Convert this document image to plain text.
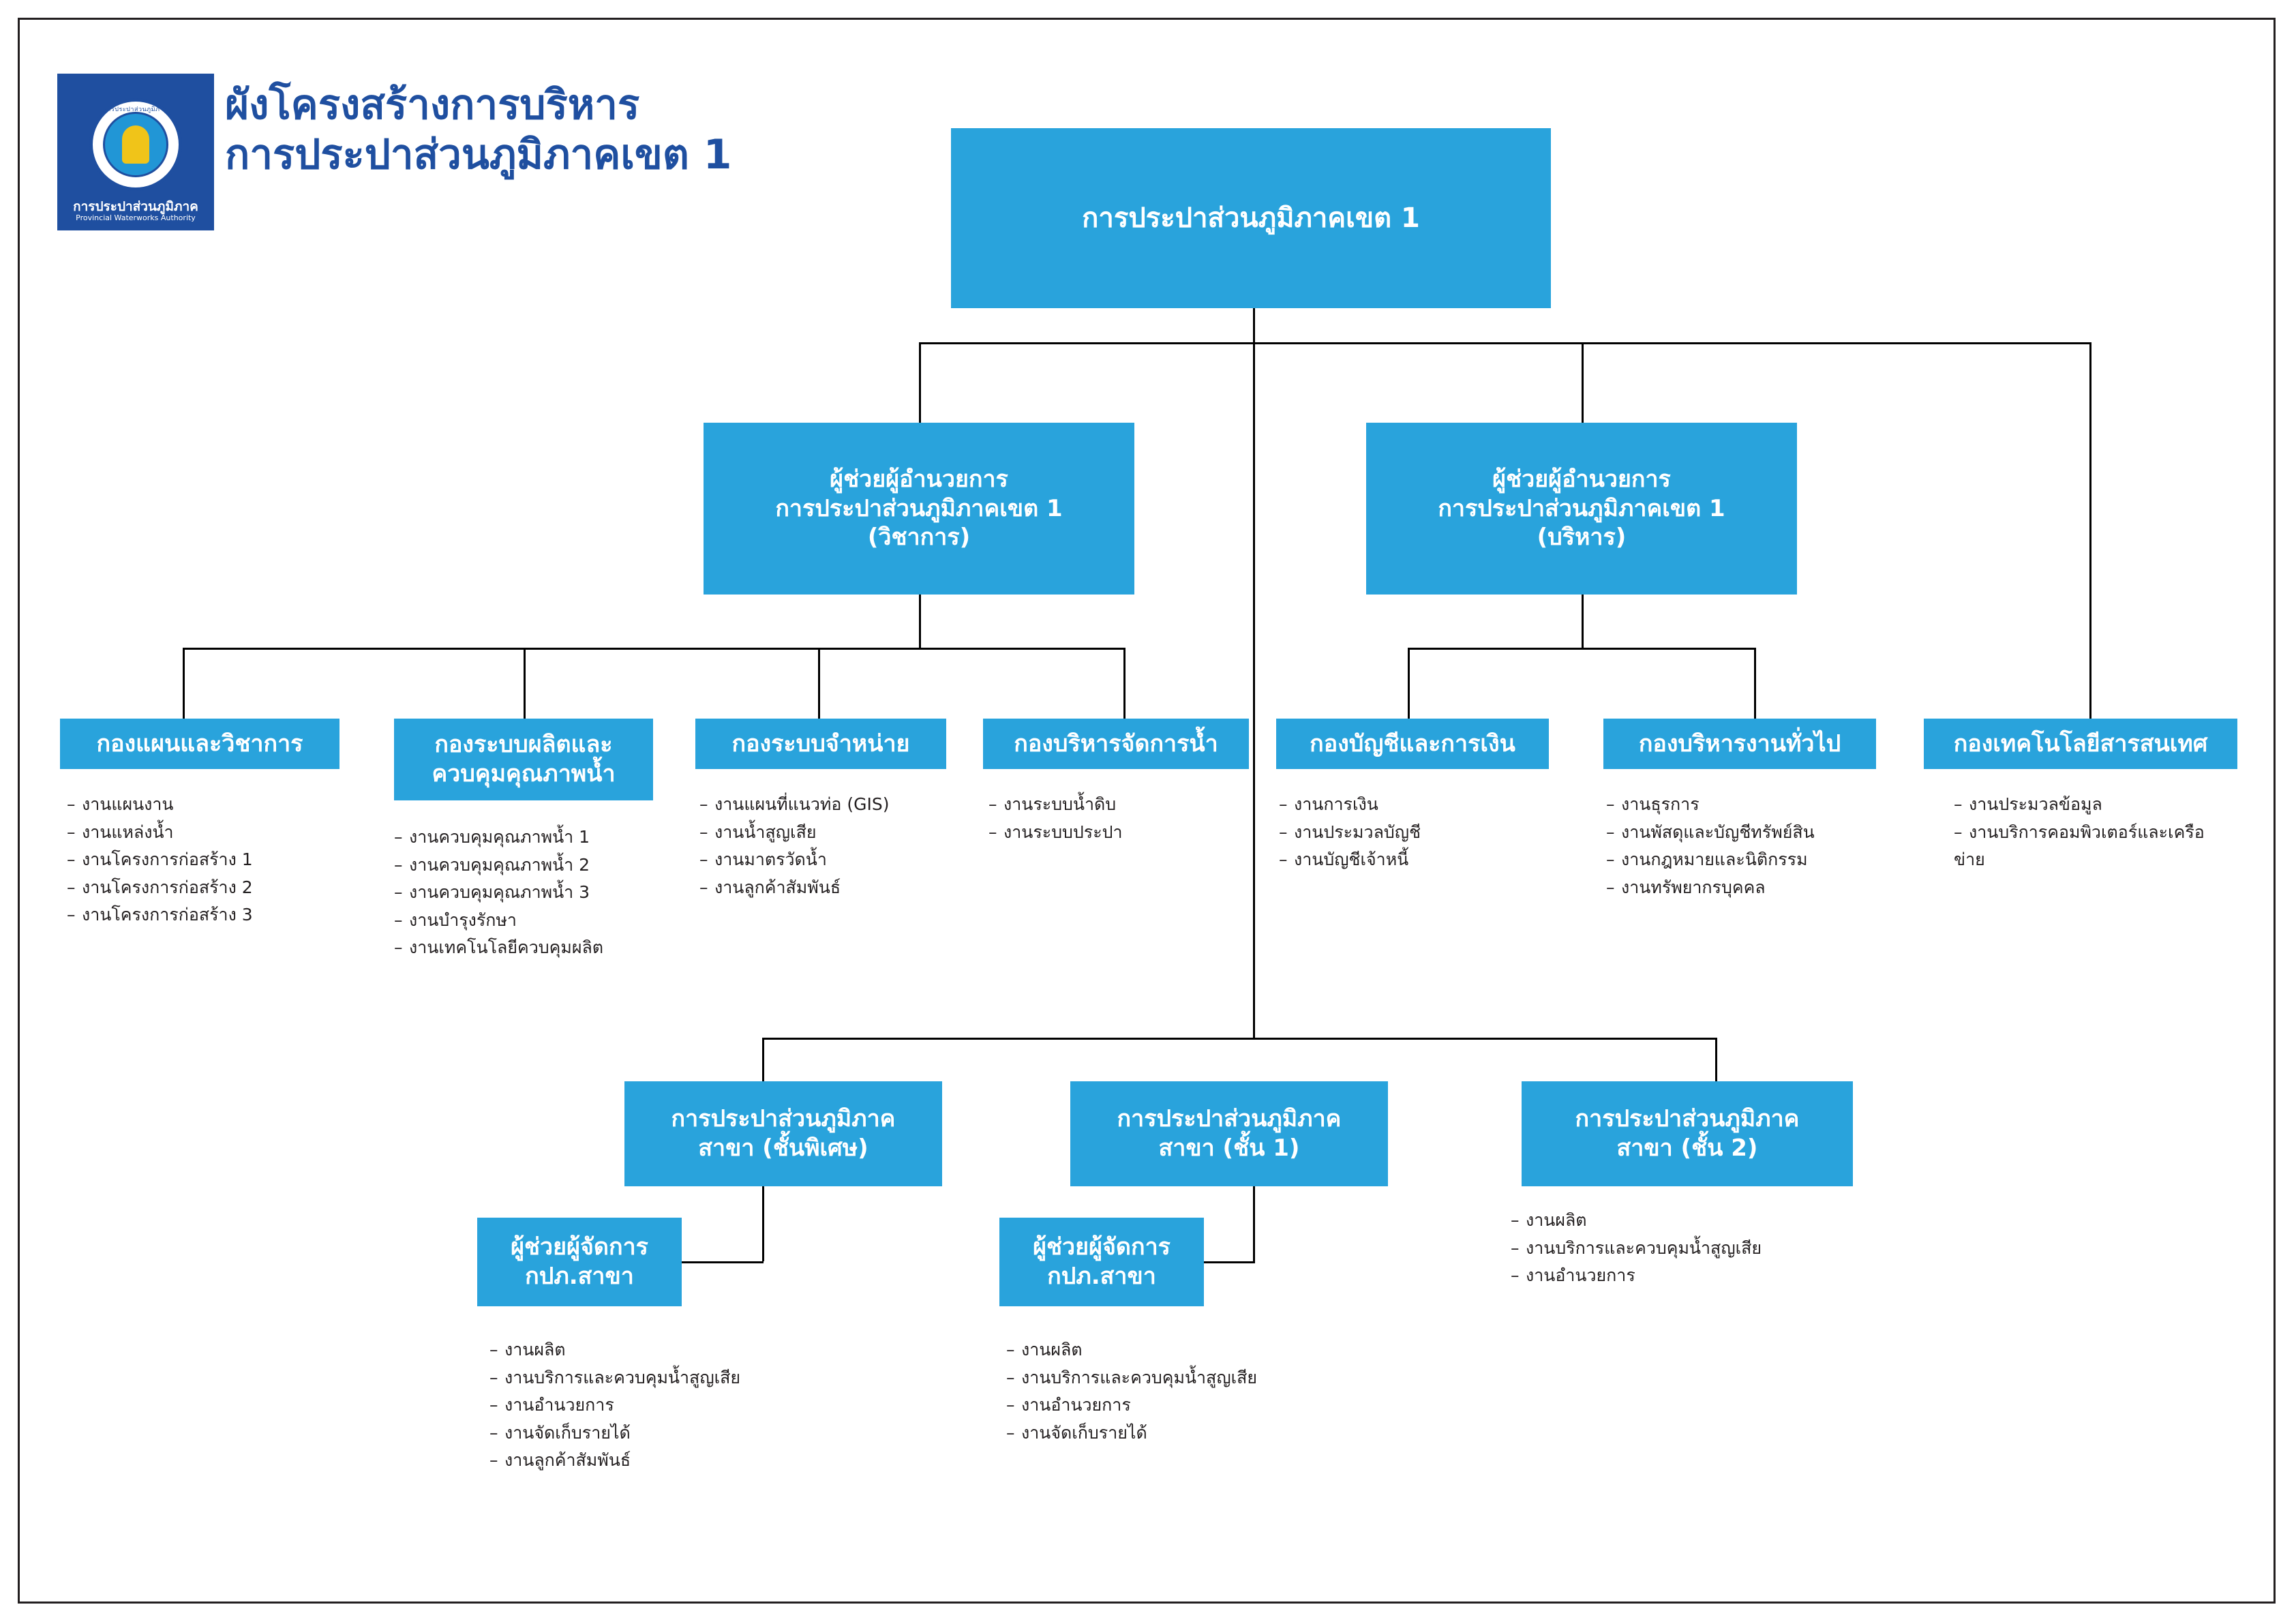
การประปาส่วนภูมิภาค
การประปาส่วนภูมิภาค
Provincial Waterworks Authority
ผังโครงสร้างการบริหาร
การประปาส่วนภูมิภาคเขต 1
การประปาส่วนภูมิภาคเขต 1
ผู้ช่วยผู้อำนวยการ
การประปาส่วนภูมิภาคเขต 1
(วิชาการ)
ผู้ช่วยผู้อำนวยการ
การประปาส่วนภูมิภาคเขต 1
(บริหาร)
กองแผนและวิชาการ	กองระบบผลิตและ
ควบคุมคุณภาพน้ำ
กองระบบจำหน่าย	กองบริหารจัดการน้ำ	กองบัญชีและการเงิน	กองบริหารงานทั่วไป	กองเทคโนโลยีสารสนเทศ
การประปาส่วนภูมิภาค
สาขา (ชั้นพิเศษ)
การประปาส่วนภูมิภาค
สาขา (ชั้น 1)
การประปาส่วนภูมิภาค
สาขา (ชั้น 2)
ผู้ช่วยผู้จัดการ
กปภ.สาขา
ผู้ช่วยผู้จัดการ
กปภ.สาขา
– งานแผนงาน
– งานแหล่งน้ำ
– งานโครงการก่อสร้าง 1
– งานโครงการก่อสร้าง 2
– งานโครงการก่อสร้าง 3
– งานควบคุมคุณภาพน้ำ 1
– งานควบคุมคุณภาพน้ำ 2
– งานควบคุมคุณภาพน้ำ 3
– งานบำรุงรักษา
– งานเทคโนโลยีควบคุมผลิต
– งานแผนที่แนวท่อ (GIS)
– งานน้ำสูญเสีย
– งานมาตรวัดน้ำ
– งานลูกค้าสัมพันธ์
– งานระบบน้ำดิบ
– งานระบบประปา
– งานการเงิน
– งานประมวลบัญชี
– งานบัญชีเจ้าหนี้
– งานธุรการ
– งานพัสดุและบัญชีทรัพย์สิน
– งานกฎหมายและนิติกรรม
– งานทรัพยากรบุคคล
– งานประมวลข้อมูล
– งานบริการคอมพิวเตอร์และเครือข่าย
– งานผลิต
– งานบริการและควบคุมน้ำสูญเสีย
– งานอำนวยการ
– งานจัดเก็บรายได้
– งานลูกค้าสัมพันธ์
– งานผลิต
– งานบริการและควบคุมน้ำสูญเสีย
– งานอำนวยการ
– งานจัดเก็บรายได้
– งานผลิต
– งานบริการและควบคุมน้ำสูญเสีย
– งานอำนวยการ
